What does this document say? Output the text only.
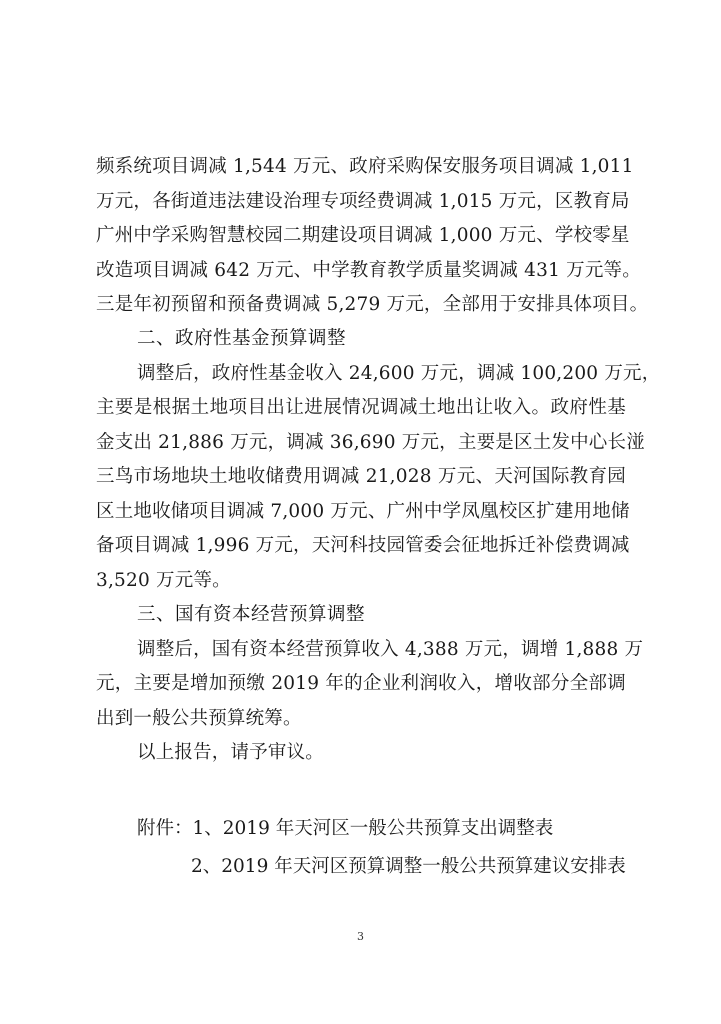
频系统项目调减 1,544 万元、政府采购保安服务项目调减 1,011
万元，各街道违法建设治理专项经费调减 1,015 万元，区教育局
广州中学采购智慧校园二期建设项目调减 1,000 万元、学校零星
改造项目调减 642 万元、中学教育教学质量奖调减 431 万元等。
三是年初预留和预备费调减 5,279 万元，全部用于安排具体项目。
二、政府性基金预算调整
调整后，政府性基金收入 24,600 万元，调减 100,200 万元，
主要是根据土地项目出让进展情况调减土地出让收入。政府性基
金支出 21,886 万元，调减 36,690 万元，主要是区土发中心长湴
三鸟市场地块土地收储费用调减 21,028 万元、天河国际教育园
区土地收储项目调减 7,000 万元、广州中学凤凰校区扩建用地储
备项目调减 1,996 万元，天河科技园管委会征地拆迁补偿费调减
3,520 万元等。
三、国有资本经营预算调整
调整后，国有资本经营预算收入 4,388 万元，调增 1,888 万
元，主要是增加预缴 2019 年的企业利润收入，增收部分全部调
出到一般公共预算统筹。
以上报告，请予审议。
附件：1、2019 年天河区一般公共预算支出调整表
2、2019 年天河区预算调整一般公共预算建议安排表
3
